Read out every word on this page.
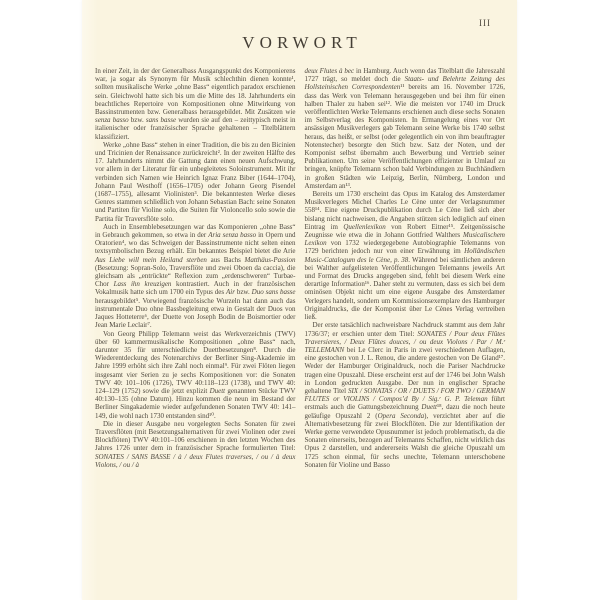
III
VORWORT

In einer Zeit, in der der Generalbass Ausgangspunkt des Komponierens war, ja sogar als Synonym für Musik schlechthin dienen konnte¹, sollten musikalische Werke „ohne Bass“ eigentlich paradox erschienen sein. Gleichwohl hatte sich bis um die Mitte des 18. Jahrhunderts ein beachtliches Repertoire von Kompositionen ohne Mitwirkung von Bassinstrumenten bzw. Generalbass herausgebildet. Mit Zusätzen wie senza basso bzw. sans basse wurden sie auf den – zeittypisch meist in italienischer oder französischer Sprache gehaltenen – Titelblättern klassifiziert.

Werke „ohne Bass“ stehen in einer Tradition, die bis zu den Bicinien und Tricinien der Renaissance zurückreicht². In der zweiten Hälfte des 17. Jahrhunderts nimmt die Gattung dann einen neuen Aufschwung, vor allem in der Literatur für ein unbegleitetes Soloinstrument. Mit ihr verbinden sich Namen wie Heinrich Ignaz Franz Biber (1644–1704), Johann Paul Westhoff (1656–1705) oder Johann Georg Pisendel (1687–1755), allesamt Violinisten³. Die bekanntesten Werke dieses Genres stammen schließlich von Johann Sebastian Bach: seine Sonaten und Partiten für Violine solo, die Suiten für Violoncello solo sowie die Partita für Traversflöte solo.

Auch in Ensemblebesetzungen war das Komponieren „ohne Bass“ in Gebrauch gekommen, so etwa in der Aria senza basso in Opern und Oratorien⁴, wo das Schweigen der Bassinstrumente nicht selten einen textsymbolischen Bezug erhält. Ein bekanntes Beispiel bietet die Arie Aus Liebe will mein Heiland sterben aus Bachs Matthäus-Passion (Besetzung: Sopran-Solo, Traversflöte und zwei Oboen da caccia), die gleichsam als „entrückte“ Reflexion zum „erdenschweren“ Turbae-Chor Lass ihn kreuzigen kontrastiert. Auch in der französischen Vokalmusik hatte sich um 1700 ein Typus des Air bzw. Duo sans basse herausgebildet⁵. Vorwiegend französische Wurzeln hat dann auch das instrumentale Duo ohne Bassbegleitung etwa in Gestalt der Duos von Jaques Hotteterre⁶, der Duette von Joseph Bodin de Boismortier oder Jean Marie Leclair⁷.

Von Georg Philipp Telemann weist das Werkverzeichnis (TWV) über 60 kammermusikalische Kompositionen „ohne Bass“ nach, darunter 35 für unterschiedliche Duettbesetzungen⁸. Durch die Wiederentdeckung des Notenarchivs der Berliner Sing-Akademie im Jahre 1999 erhöht sich ihre Zahl noch einmal⁹. Für zwei Flöten liegen insgesamt vier Serien zu je sechs Kompositionen vor: die Sonaten TWV 40: 101–106 (1726), TWV 40:118–123 (1738), und TWV 40: 124–129 (1752) sowie die jetzt explizit Duett genannten Stücke TWV 40:130–135 (ohne Datum). Hinzu kommen die neun im Bestand der Berliner Singakademie wieder aufgefundenen Sonaten TWV 40: 141–149, die wohl nach 1730 entstanden sind¹⁰.

Die in dieser Ausgabe neu vorgelegten Sechs Sonaten für zwei Traversflöten (mit Besetzungsalternativen für zwei Violinen oder zwei Blockflöten) TWV 40:101–106 erschienen in den letzten Wochen des Jahres 1726 unter dem in französischer Sprache formulierten Titel: SONATES / SANS BASSE / à / deux Flutes traverses, / ou / à deux Violons, / ou / à

deux Flutes à bec in Hamburg. Auch wenn das Titelblatt die Jahreszahl 1727 trägt, so meldet doch die Staats- und Belehrte Zeitung des Hollsteinischen Correspondenten¹¹ bereits am 16. November 1726, dass das Werk von Telemann herausgegeben und bei ihm für einen halben Thaler zu haben sei¹². Wie die meisten vor 1740 im Druck veröffentlichten Werke Telemanns erschienen auch diese sechs Sonaten im Selbstverlag des Komponisten. In Ermangelung eines vor Ort ansässigen Musikverlegers gab Telemann seine Werke bis 1740 selbst heraus, das heißt, er selbst (oder gelegentlich ein von ihm beauftragter Notenstecher) besorgte den Stich bzw. Satz der Noten, und der Komponist selbst übernahm auch Bewerbung und Vertrieb seiner Publikationen. Um seine Veröffentlichungen effizienter in Umlauf zu bringen, knüpfte Telemann schon bald Verbindungen zu Buchhändlern in großen Städten wie Leipzig, Berlin, Nürnberg, London und Amsterdam an¹³.

Bereits um 1730 erscheint das Opus im Katalog des Amsterdamer Musikverlegers Michel Charles Le Cène unter der Verlagsnummer 558¹⁴. Eine eigene Druckpublikation durch Le Cène ließ sich aber bislang nicht nachweisen, die Angaben stützen sich lediglich auf einen Eintrag im Quellenlexikon von Robert Eitner¹⁵. Zeitgenössische Zeugnisse wie etwa die in Johann Gottfried Walthers Musicalischem Lexikon von 1732 wiedergegebene Autobiographie Telemanns von 1729 berichten jedoch nur von einer Erwähnung im Holländischen Music-Catalogum des le Cène, p. 38. Während bei sämtlichen anderen bei Walther aufgelisteten Veröffentlichungen Telemanns jeweils Art und Format des Drucks angegeben sind, fehlt bei diesem Werk eine derartige Information¹⁶. Daher steht zu vermuten, dass es sich bei dem ominösen Objekt nicht um eine eigene Ausgabe des Amsterdamer Verlegers handelt, sondern um Kommissionsexemplare des Hamburger Originaldrucks, die der Komponist über Le Cènes Verlag vertreiben ließ.

Der erste tatsächlich nachweisbare Nachdruck stammt aus dem Jahr 1736/37; er erschien unter dem Titel: SONATES / Pour deux Flûtes Traversieres, / Deux Flûtes douces, / ou deux Violons / Par / M.ʳ TELLEMANN bei Le Clerc in Paris in zwei verschiedenen Auflagen, eine gestochen von J. L. Renou, die andere gestochen von De Gland¹⁷. Weder der Hamburger Originaldruck, noch die Pariser Nachdrucke tragen eine Opuszahl. Diese erscheint erst auf der 1746 bei John Walsh in London gedruckten Ausgabe. Der nun in englischer Sprache gehaltene Titel SIX / SONATAS / OR / DUETS / FOR TWO / GERMAN FLUTES or VIOLINS / Compos’d By / Sig.ʳ G. P. Teleman führt erstmals auch die Gattungsbezeichnung Duett¹⁸, dazu die noch heute geläufige Opuszahl 2 (Opera Seconda), verzichtet aber auf die Alternativbesetzung für zwei Blockflöten. Die zur Identifikation der Werke gerne verwendete Opusnummer ist jedoch problematisch, da die Sonaten einerseits, bezogen auf Telemanns Schaffen, nicht wirklich das Opus 2 darstellen, und andererseits Walsh die gleiche Opuszahl um 1725 schon einmal, für sechs unechte, Telemann unterschobene Sonaten für Violine und Basso
